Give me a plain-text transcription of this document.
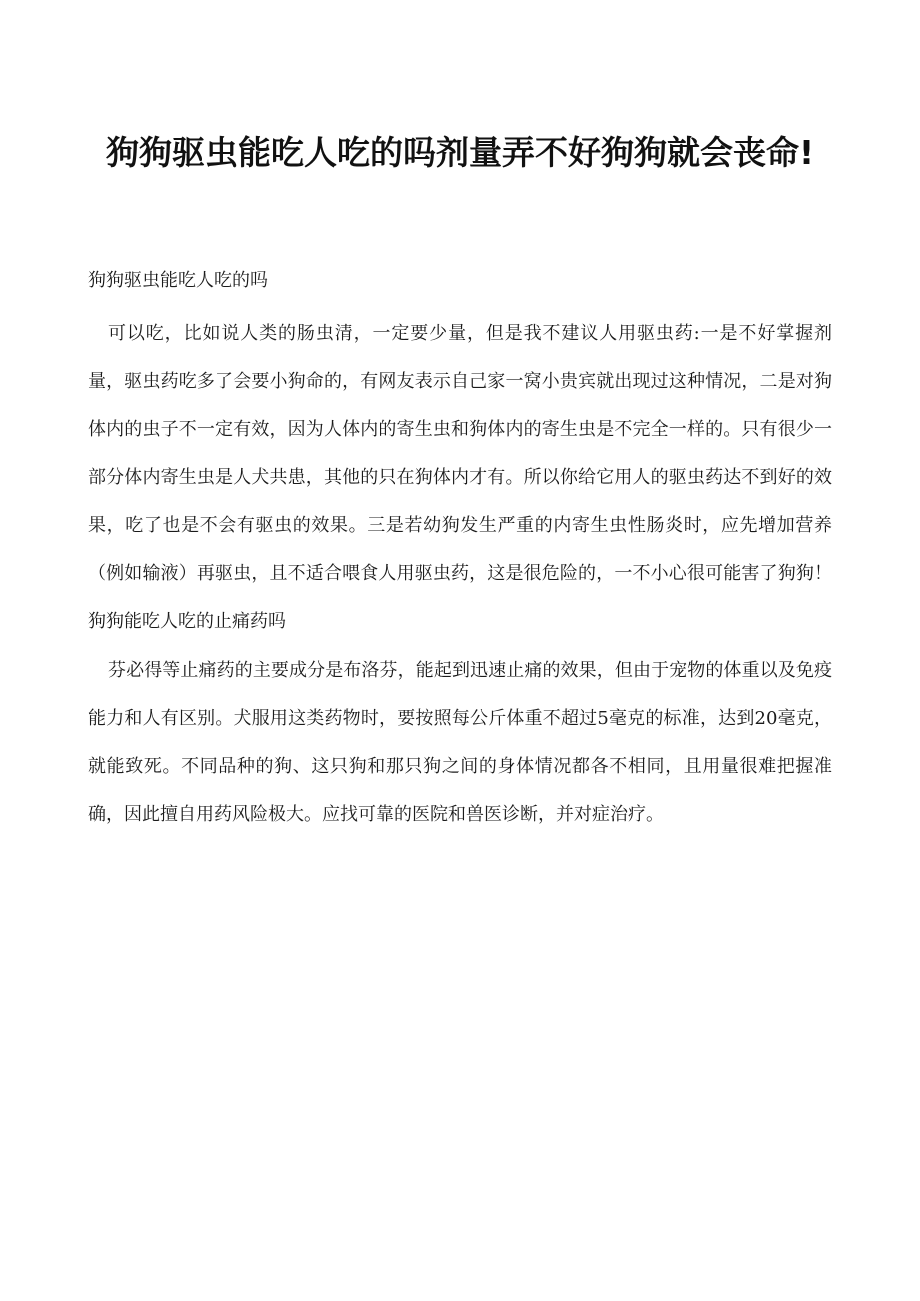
狗狗驱虫能吃人吃的吗剂量弄不好狗狗就会丧命!

狗狗驱虫能吃人吃的吗

可以吃，比如说人类的肠虫清，一定要少量，但是我不建议人用驱虫药:一是不好掌握剂量，驱虫药吃多了会要小狗命的，有网友表示自己家一窝小贵宾就出现过这种情况，二是对狗体内的虫子不一定有效，因为人体内的寄生虫和狗体内的寄生虫是不完全一样的。只有很少一部分体内寄生虫是人犬共患，其他的只在狗体内才有。所以你给它用人的驱虫药达不到好的效果，吃了也是不会有驱虫的效果。三是若幼狗发生严重的内寄生虫性肠炎时，应先增加营养（例如输液）再驱虫，且不适合喂食人用驱虫药，这是很危险的，一不小心很可能害了狗狗！狗狗能吃人吃的止痛药吗

芬必得等止痛药的主要成分是布洛芬，能起到迅速止痛的效果，但由于宠物的体重以及免疫能力和人有区别。犬服用这类药物时，要按照每公斤体重不超过5毫克的标准，达到20毫克，就能致死。不同品种的狗、这只狗和那只狗之间的身体情况都各不相同，且用量很难把握准确，因此擅自用药风险极大。应找可靠的医院和兽医诊断，并对症治疗。
